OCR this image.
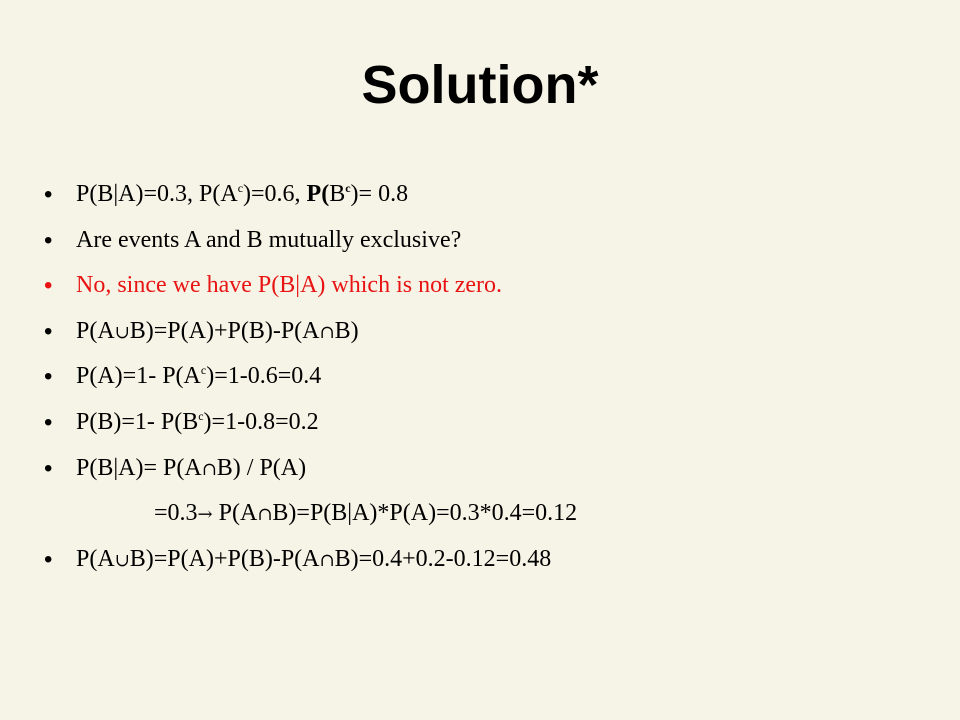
Solution*
• P(B|A)=0.3, $P(A^c)=0.6$, $P(B^c)= 0.8$
• Are events A and B mutually exclusive?
• No, since we have P(B|A) which is not zero.
• P(A∪B)=P(A)+P(B)-P(A∩B)
• P(A)=1- $P(A^c)=1-0.6=0.4$
• P(B)=1- $P(B^c)=1-0.8=0.2$
• P(B|A)= P(A∩B) / P(A)
=0.3→ P(A∩B)=P(B|A)*P(A)=0.3*0.4=0.12
• P(A∪B)=P(A)+P(B)-P(A∩B)=0.4+0.2-0.12=0.48
